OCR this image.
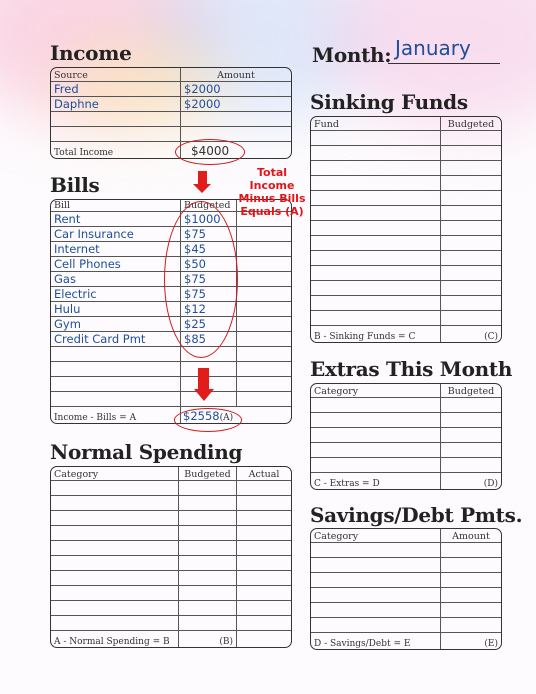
Income
Source	Amount
Fred	$2000
Daphne	$2000

Total Income	$4000
Month: January
Sinking Funds
Fund	Budgeted

B - Sinking Funds = C	(C)
Bills
Bill	Budgeted	
Rent	$1000	
Car Insurance	$75	
Internet	$45	
Cell Phones	$50	
Gas	$75	
Electric	$75	
Hulu	$12	
Gym	$25	
Credit Card Pmt	$85	

Income - Bills = A	$2558(A)	
Total Income Minus Bills Equals (A)
Extras This Month
Category	Budgeted

C - Extras = D	(D)
Normal Spending
Category	Budgeted	Actual

A - Normal Spending = B	(B)	
Savings/Debt Pmts.
Category	Amount

D - Savings/Debt = E	(E)
